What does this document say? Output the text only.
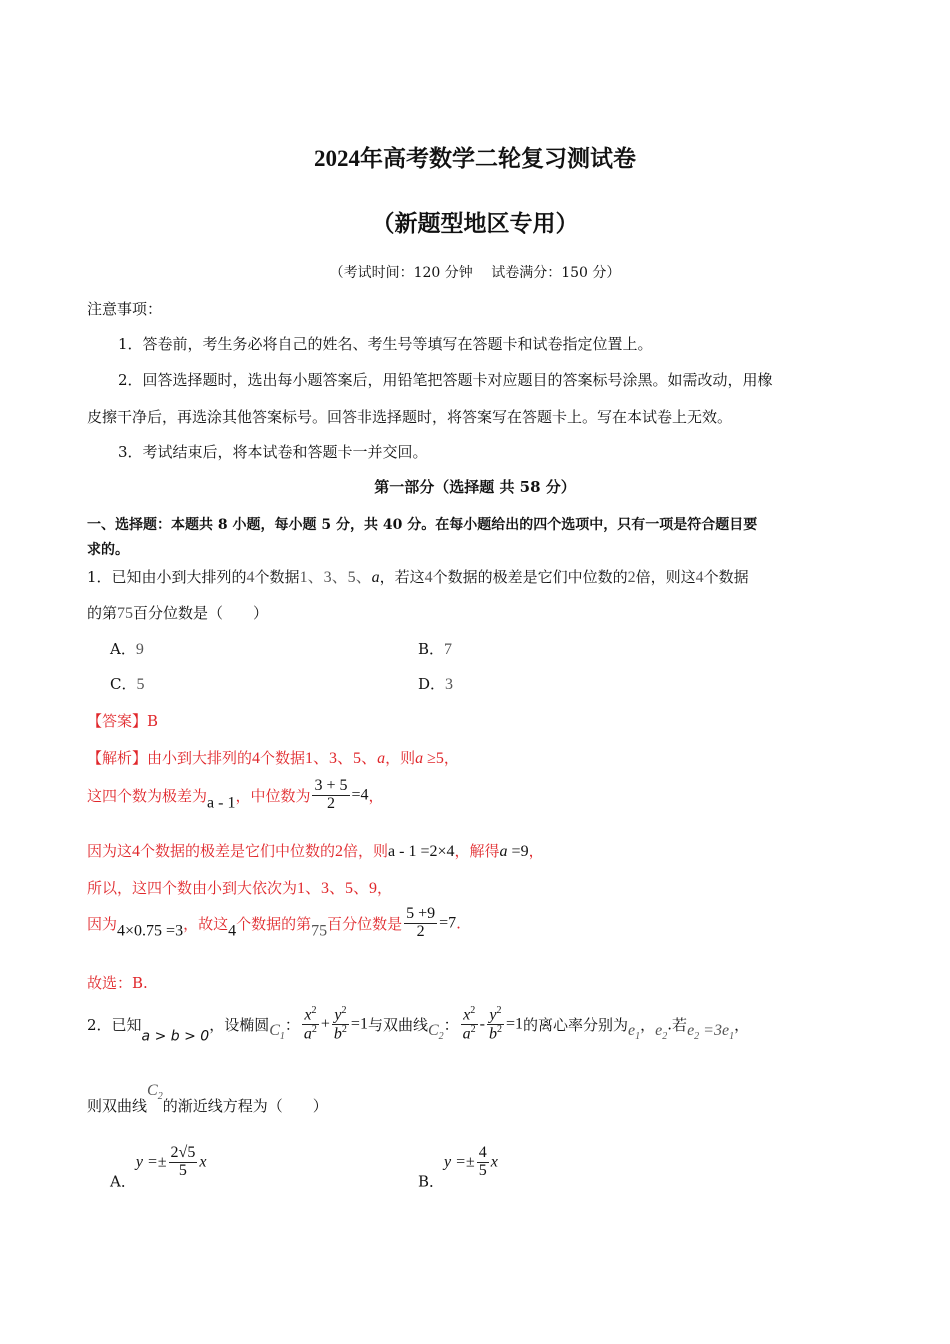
2024年高考数学二轮复习测试卷
（新题型地区专用）
（考试时间：120 分钟　 试卷满分：150 分）
注意事项：
1．答卷前，考生务必将自己的姓名、考生号等填写在答题卡和试卷指定位置上。
2．回答选择题时，选出每小题答案后，用铅笔把答题卡对应题目的答案标号涂黑。如需改动，用橡
皮擦干净后，再选涂其他答案标号。回答非选择题时，将答案写在答题卡上。写在本试卷上无效。
3．考试结束后，将本试卷和答题卡一并交回。
第一部分（选择题 共 58 分）
一、选择题：本题共 8 小题，每小题 5 分，共 40 分。在每小题给出的四个选项中，只有一项是符合题目要
求的。
1．已知由小到大排列的4个数据1、3、5、a，若这4个数据的极差是它们中位数的2倍，则这4个数据
的第75百分位数是（　　）
A．9	B．7
C．5	D．3
【答案】B
【解析】由小到大排列的4个数据1、3、5、a，则a ≥5，
这四个数为极差为a - 1，中位数为 $\frac{3 + 5}{2} =4$，
因为这4个数据的极差是它们中位数的2倍，则a - 1 =2×4，解得a =9，
所以，这四个数由小到大依次为1、3、5、9，
因为4×0.75 =3，故这4个数据的第75百分位数是 $\frac{5 +9}{2} =7$.
故选：B.
2．已知a > b > 0，设椭圆$C_1$： $\frac{x^2}{a^2} + \frac{y^2}{b^2} =1$与双曲线$C_2$： $\frac{x^2}{a^2} - \frac{y^2}{b^2} =1$的离心率分别为$e_1$，$e_2$.若$e_2 =3e_1$，
则双曲线$C_2$的渐近线方程为（　　）
A．$y =\pm \frac{2√5}{5}$ x
B．$y =\pm \frac{4}{5}$ x
